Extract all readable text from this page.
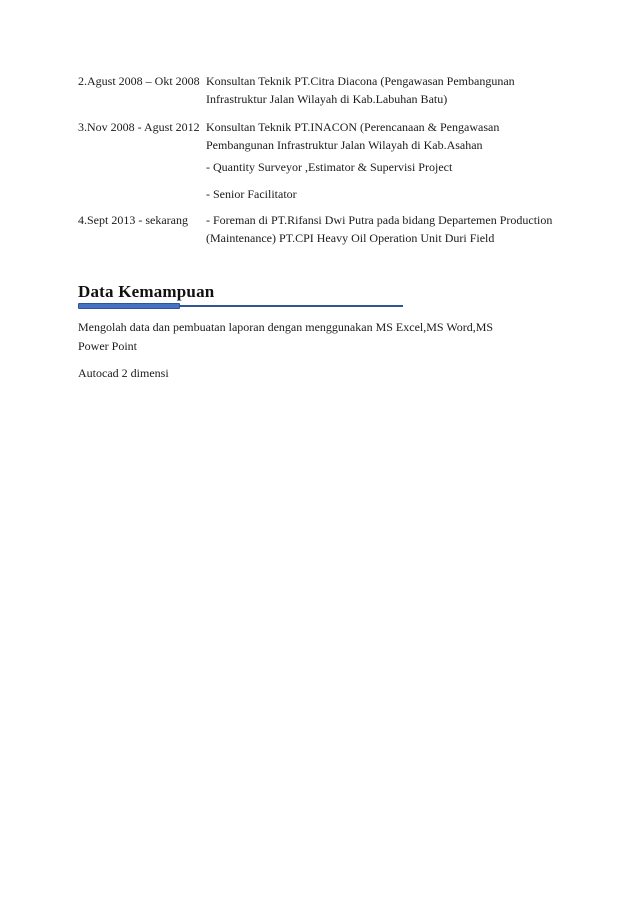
2.Agust 2008 – Okt 2008 Konsultan Teknik PT.Citra Diacona (Pengawasan Pembangunan
Infrastruktur Jalan Wilayah di Kab.Labuhan Batu)
3.Nov 2008 - Agust 2012 Konsultan Teknik PT.INACON (Perencanaan & Pengawasan
Pembangunan Infrastruktur Jalan Wilayah di Kab.Asahan
- Quantity Surveyor ,Estimator & Supervisi Project
- Senior Facilitator
4.Sept 2013 - sekarang - Foreman di PT.Rifansi Dwi Putra pada bidang Departemen Production
(Maintenance) PT.CPI Heavy Oil Operation Unit Duri Field
Data Kemampuan
Mengolah data dan pembuatan laporan dengan menggunakan MS Excel,MS Word,MS
Power Point
Autocad 2 dimensi
